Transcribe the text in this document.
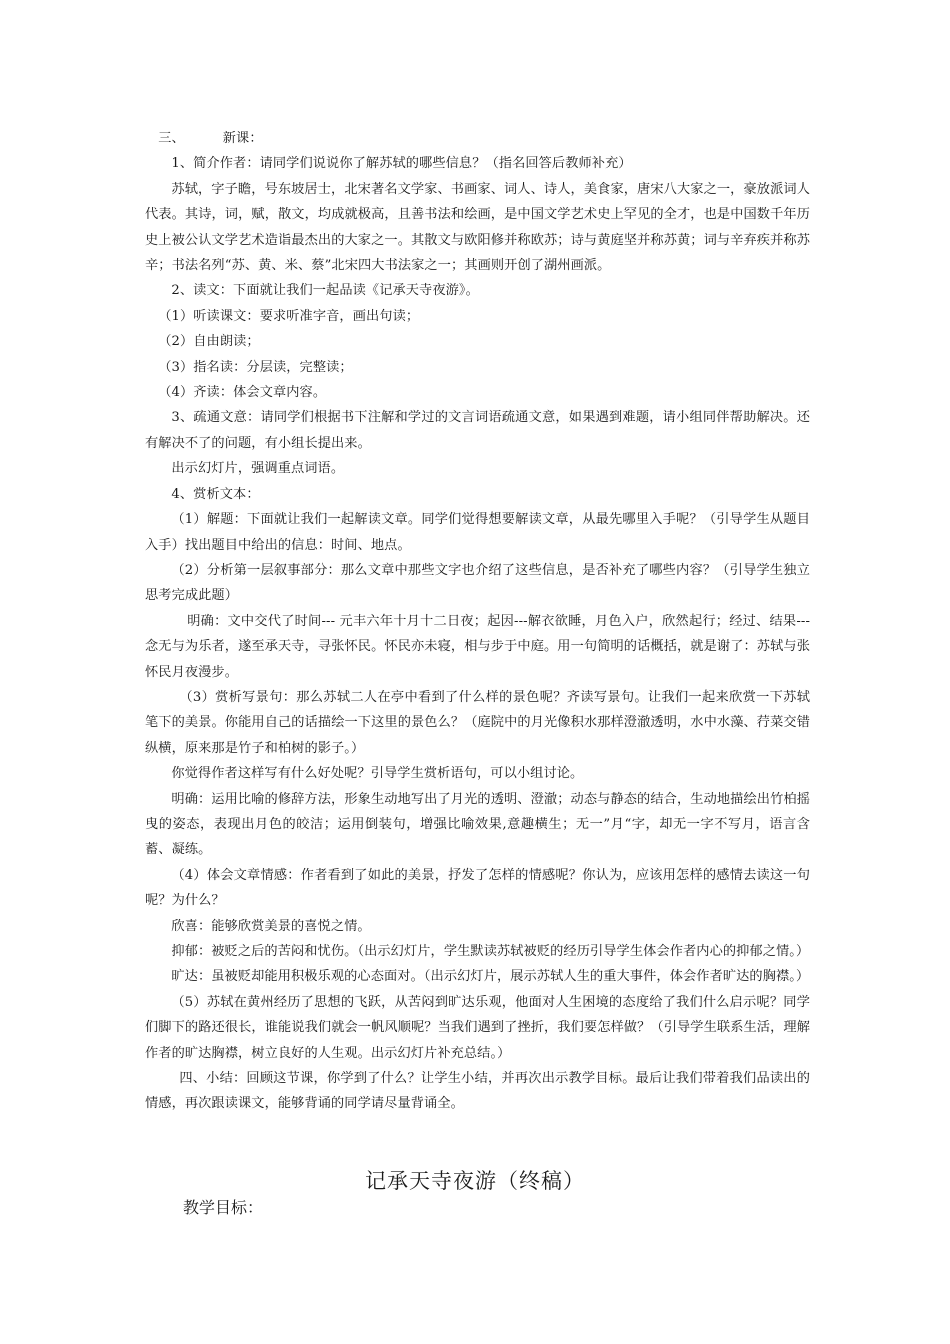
三、	新课：

1、简介作者：请同学们说说你了解苏轼的哪些信息？（指名回答后教师补充）

苏轼，字子瞻，号东坡居士，北宋著名文学家、书画家、词人、诗人，美食家，唐宋八大家之一，豪放派词人代表。其诗，词，赋，散文，均成就极高，且善书法和绘画，是中国文学艺术史上罕见的全才，也是中国数千年历史上被公认文学艺术造诣最杰出的大家之一。其散文与欧阳修并称欧苏；诗与黄庭坚并称苏黄；词与辛弃疾并称苏辛；书法名列“苏、黄、米、蔡”北宋四大书法家之一；其画则开创了湖州画派。

2、读文：下面就让我们一起品读《记承天寺夜游》。

（1）听读课文：要求听准字音，画出句读；

（2）自由朗读；

（3）指名读：分层读，完整读；

（4）齐读：体会文章内容。

3、疏通文意：请同学们根据书下注解和学过的文言词语疏通文意，如果遇到难题，请小组同伴帮助解决。还有解决不了的问题，有小组长提出来。

出示幻灯片，强调重点词语。

4、赏析文本：

（1）解题：下面就让我们一起解读文章。同学们觉得想要解读文章，从最先哪里入手呢？（引导学生从题目入手）找出题目中给出的信息：时间、地点。

（2）分析第一层叙事部分：那么文章中那些文字也介绍了这些信息，是否补充了哪些内容？（引导学生独立思考完成此题）

明确：文中交代了时间--- 元丰六年十月十二日夜；起因---解衣欲睡，月色入户，欣然起行；经过、结果---念无与为乐者，遂至承天寺，寻张怀民。怀民亦未寝，相与步于中庭。用一句简明的话概括，就是谢了：苏轼与张怀民月夜漫步。

（3）赏析写景句：那么苏轼二人在亭中看到了什么样的景色呢？齐读写景句。让我们一起来欣赏一下苏轼笔下的美景。你能用自己的话描绘一下这里的景色么？（庭院中的月光像积水那样澄澈透明，水中水藻、荇菜交错纵横，原来那是竹子和柏树的影子。）

你觉得作者这样写有什么好处呢？引导学生赏析语句，可以小组讨论。

明确：运用比喻的修辞方法，形象生动地写出了月光的透明、澄澈；动态与静态的结合，生动地描绘出竹柏摇曳的姿态，表现出月色的皎洁；运用倒装句，增强比喻效果,意趣横生；无一”月“字，却无一字不写月，语言含蓄、凝练。

（4）体会文章情感：作者看到了如此的美景，抒发了怎样的情感呢？你认为，应该用怎样的感情去读这一句呢？为什么？

欣喜：能够欣赏美景的喜悦之情。

抑郁：被贬之后的苦闷和忧伤。（出示幻灯片，学生默读苏轼被贬的经历引导学生体会作者内心的抑郁之情。）

旷达：虽被贬却能用积极乐观的心态面对。（出示幻灯片，展示苏轼人生的重大事件，体会作者旷达的胸襟。）

（5）苏轼在黄州经历了思想的飞跃，从苦闷到旷达乐观，他面对人生困境的态度给了我们什么启示呢？同学们脚下的路还很长，谁能说我们就会一帆风顺呢？当我们遇到了挫折，我们要怎样做？（引导学生联系生活，理解作者的旷达胸襟，树立良好的人生观。出示幻灯片补充总结。）

四、小结：回顾这节课，你学到了什么？让学生小结，并再次出示教学目标。最后让我们带着我们品读出的情感，再次跟读课文，能够背诵的同学请尽量背诵全。

记承天寺夜游（终稿）
教学目标：
